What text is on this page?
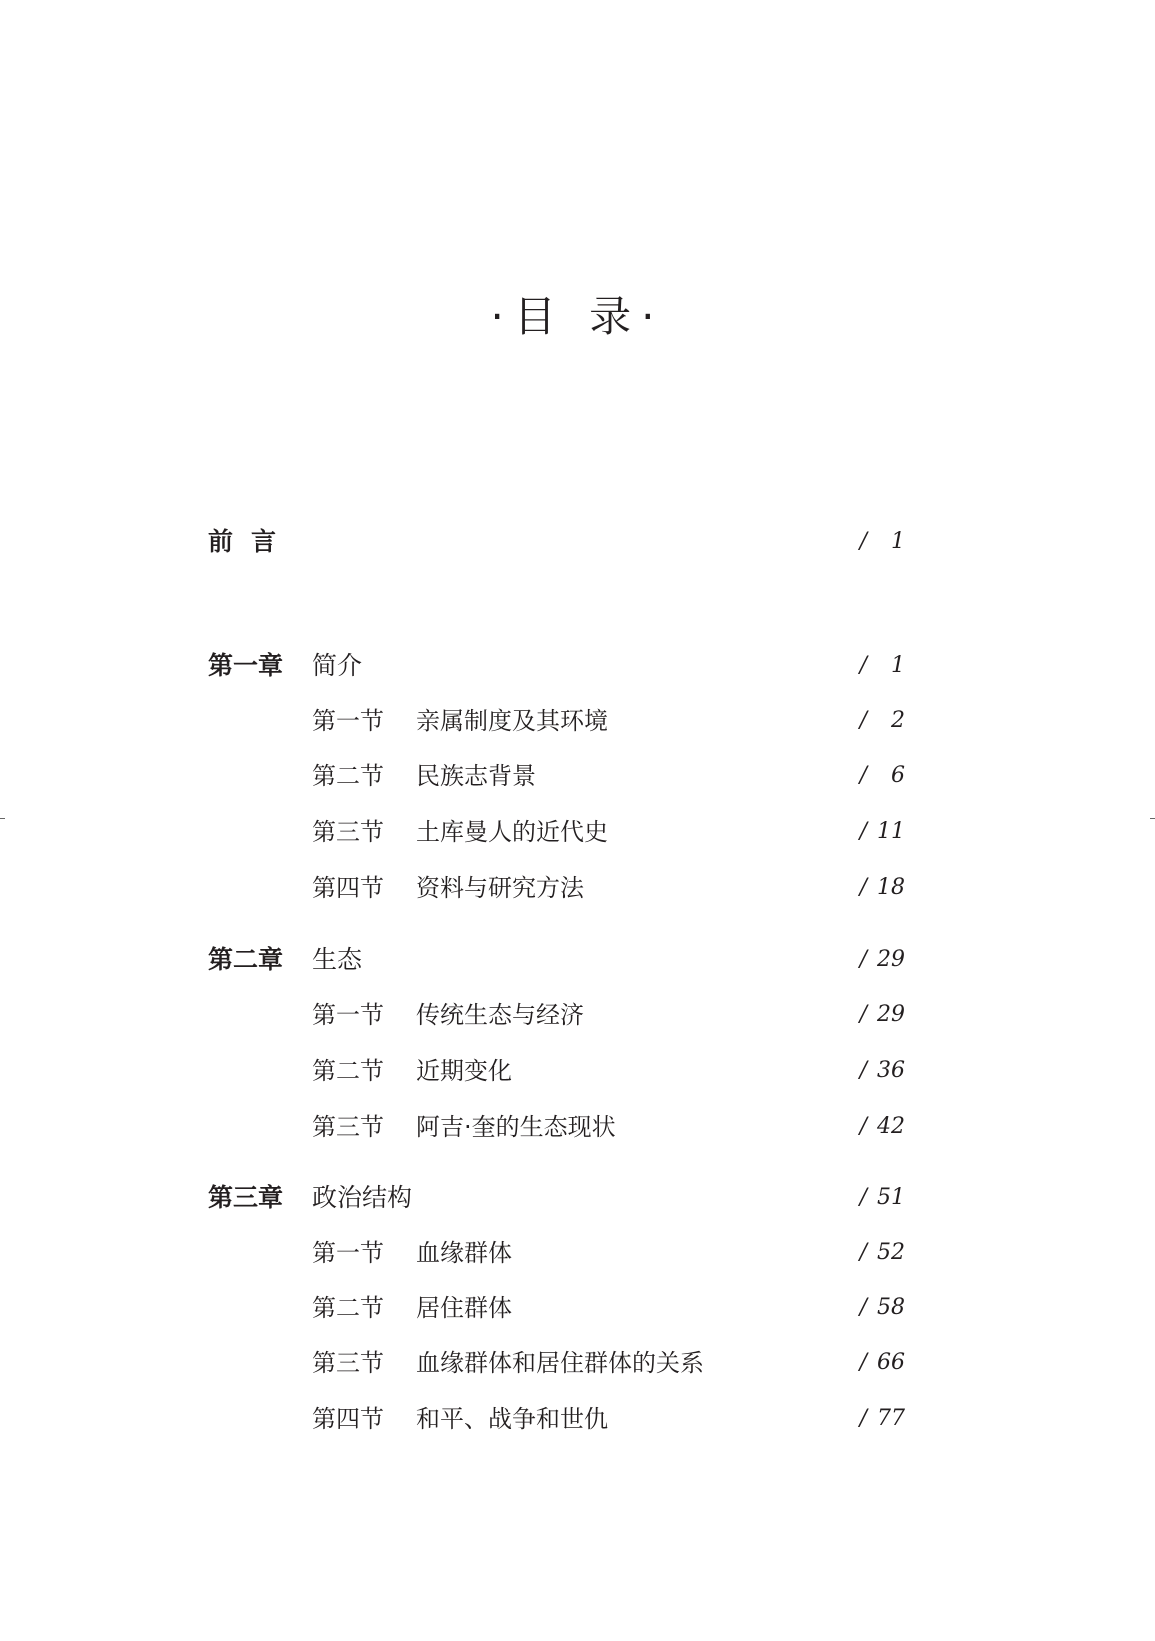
·目 录·
前言	/ 1
第一章 简介	/ 1
第一节 亲属制度及其环境	/ 2
第二节 民族志背景	/ 6
第三节 土库曼人的近代史	/ 11
第四节 资料与研究方法	/ 18
第二章 生态	/ 29
第一节 传统生态与经济	/ 29
第二节 近期变化	/ 36
第三节 阿吉·奎的生态现状	/ 42
第三章 政治结构	/ 51
第一节 血缘群体	/ 52
第二节 居住群体	/ 58
第三节 血缘群体和居住群体的关系	/ 66
第四节 和平、战争和世仇	/ 77
